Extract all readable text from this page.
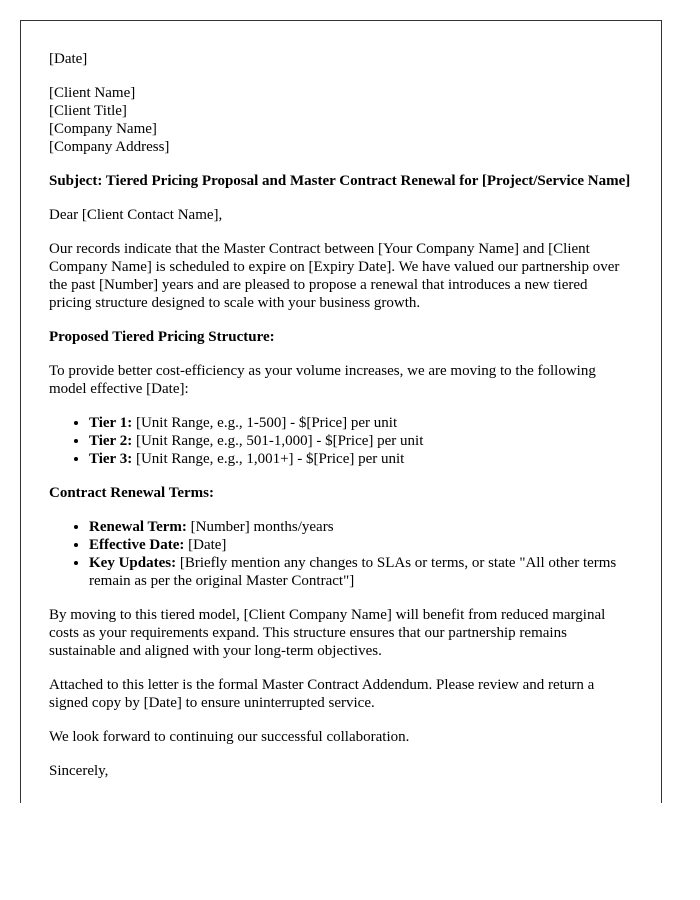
[Date]

[Client Name]
[Client Title]
[Company Name]
[Company Address]

Subject: Tiered Pricing Proposal and Master Contract Renewal for [Project/Service Name]

Dear [Client Contact Name],

Our records indicate that the Master Contract between [Your Company Name] and [Client Company Name] is scheduled to expire on [Expiry Date]. We have valued our partnership over the past [Number] years and are pleased to propose a renewal that introduces a new tiered pricing structure designed to scale with your business growth.

Proposed Tiered Pricing Structure:

To provide better cost-efficiency as your volume increases, we are moving to the following model effective [Date]:

• Tier 1: [Unit Range, e.g., 1-500] - $[Price] per unit
• Tier 2: [Unit Range, e.g., 501-1,000] - $[Price] per unit
• Tier 3: [Unit Range, e.g., 1,001+] - $[Price] per unit

Contract Renewal Terms:

• Renewal Term: [Number] months/years
• Effective Date: [Date]
• Key Updates: [Briefly mention any changes to SLAs or terms, or state "All other terms remain as per the original Master Contract"]

By moving to this tiered model, [Client Company Name] will benefit from reduced marginal costs as your requirements expand. This structure ensures that our partnership remains sustainable and aligned with your long-term objectives.

Attached to this letter is the formal Master Contract Addendum. Please review and return a signed copy by [Date] to ensure uninterrupted service.

We look forward to continuing our successful collaboration.

Sincerely,
